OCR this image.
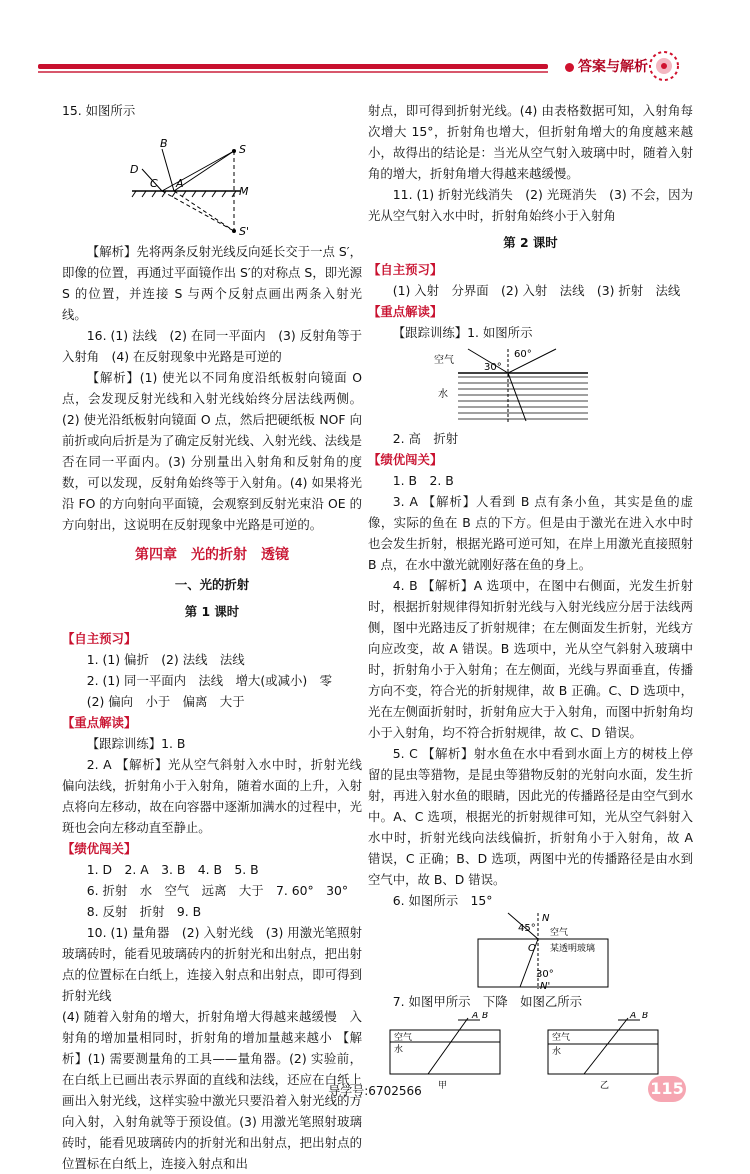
答案与解析

15. 如图所示

B
D
C A
S
M
S'

【解析】先将两条反射光线反向延长交于一点 S′，即像的位置，再通过平面镜作出 S′的对称点 S，即光源 S 的位置，并连接 S 与两个反射点画出两条入射光线。

16. (1) 法线　(2) 在同一平面内　(3) 反射角等于入射角　(4) 在反射现象中光路是可逆的

【解析】(1) 使光以不同角度沿纸板射向镜面 O 点，会发现反射光线和入射光线始终分居法线两侧。(2) 使光沿纸板射向镜面 O 点，然后把硬纸板 NOF 向前折或向后折是为了确定反射光线、入射光线、法线是否在同一平面内。(3) 分别量出入射角和反射角的度数，可以发现，反射角始终等于入射角。(4) 如果将光沿 FO 的方向射向平面镜，会观察到反射光束沿 OE 的方向射出，这说明在反射现象中光路是可逆的。

第四章　光的折射　透镜
一、光的折射
第 1 课时

【自主预习】

1. (1) 偏折　(2) 法线　法线

2. (1) 同一平面内　法线　增大(或减小)　零

(2) 偏向　小于　偏离　大于

【重点解读】

【跟踪训练】1. B

2. A 【解析】光从空气斜射入水中时，折射光线偏向法线，折射角小于入射角，随着水面的上升，入射点将向左移动，故在向容器中逐渐加满水的过程中，光斑也会向左移动直至静止。

【绩优闯关】

1. D　2. A　3. B　4. B　5. B

6. 折射　水　空气　远离　大于　7. 60°　30°

8. 反射　折射　9. B

10. (1) 量角器　(2) 入射光线　(3) 用激光笔照射玻璃砖时，能看见玻璃砖内的折射光和出射点，把出射点的位置标在白纸上，连接入射点和出射点，即可得到折射光线

(4) 随着入射角的增大，折射角增大得越来越缓慢　入射角的增加量相同时，折射角的增加量越来越小 【解析】(1) 需要测量角的工具——量角器。(2) 实验前，在白纸上已画出表示界面的直线和法线，还应在白纸上画出入射光线，这样实验中激光只要沿着入射光线的方向入射，入射角就等于预设值。(3) 用激光笔照射玻璃砖时，能看见玻璃砖内的折射光和出射点，把出射点的位置标在白纸上，连接入射点和出

射点，即可得到折射光线。(4) 由表格数据可知，入射角每次增大 15°，折射角也增大，但折射角增大的角度越来越小，故得出的结论是：当光从空气射入玻璃中时，随着入射角的增大，折射角增大得越来越缓慢。

11. (1) 折射光线消失　(2) 光斑消失　(3) 不会，因为光从空气射入水中时，折射角始终小于入射角

第 2 课时

【自主预习】

(1) 入射　分界面　(2) 入射　法线　(3) 折射　法线

【重点解读】

【跟踪训练】1. 如图所示

空气
水
60°
30°

2. 高　折射

【绩优闯关】

1. B　2. B

3. A 【解析】人看到 B 点有条小鱼，其实是鱼的虚像，实际的鱼在 B 点的下方。但是由于激光在进入水中时也会发生折射，根据光路可逆可知，在岸上用激光直接照射 B 点，在水中激光就刚好落在鱼的身上。

4. B 【解析】A 选项中，在图中右侧面，光发生折射时，根据折射规律得知折射光线与入射光线应分居于法线两侧，图中光路违反了折射规律；在左侧面发生折射，光线方向应改变，故 A 错误。B 选项中，光从空气斜射入玻璃中时，折射角小于入射角；在左侧面，光线与界面垂直，传播方向不变，符合光的折射规律，故 B 正确。C、D 选项中，光在左侧面折射时，折射角应大于入射角，而图中折射角均小于入射角，均不符合折射规律，故 C、D 错误。

5. C 【解析】射水鱼在水中看到水面上方的树枝上停留的昆虫等猎物，是昆虫等猎物反射的光射向水面，发生折射，再进入射水鱼的眼睛，因此光的传播路径是由空气到水中。A、C 选项，根据光的折射规律可知，光从空气斜射入水中时，折射光线向法线偏折，折射角小于入射角，故 A 错误，C 正确；B、D 选项，两图中光的传播路径是由水到空气中，故 B、D 错误。

6. 如图所示　15°

N
45° 空气
O 某透明玻璃
30°
N'

7. 如图甲所示　下降　如图乙所示

A B
空气
水
甲
A B
空气
水
乙
导学号:6702566	115
